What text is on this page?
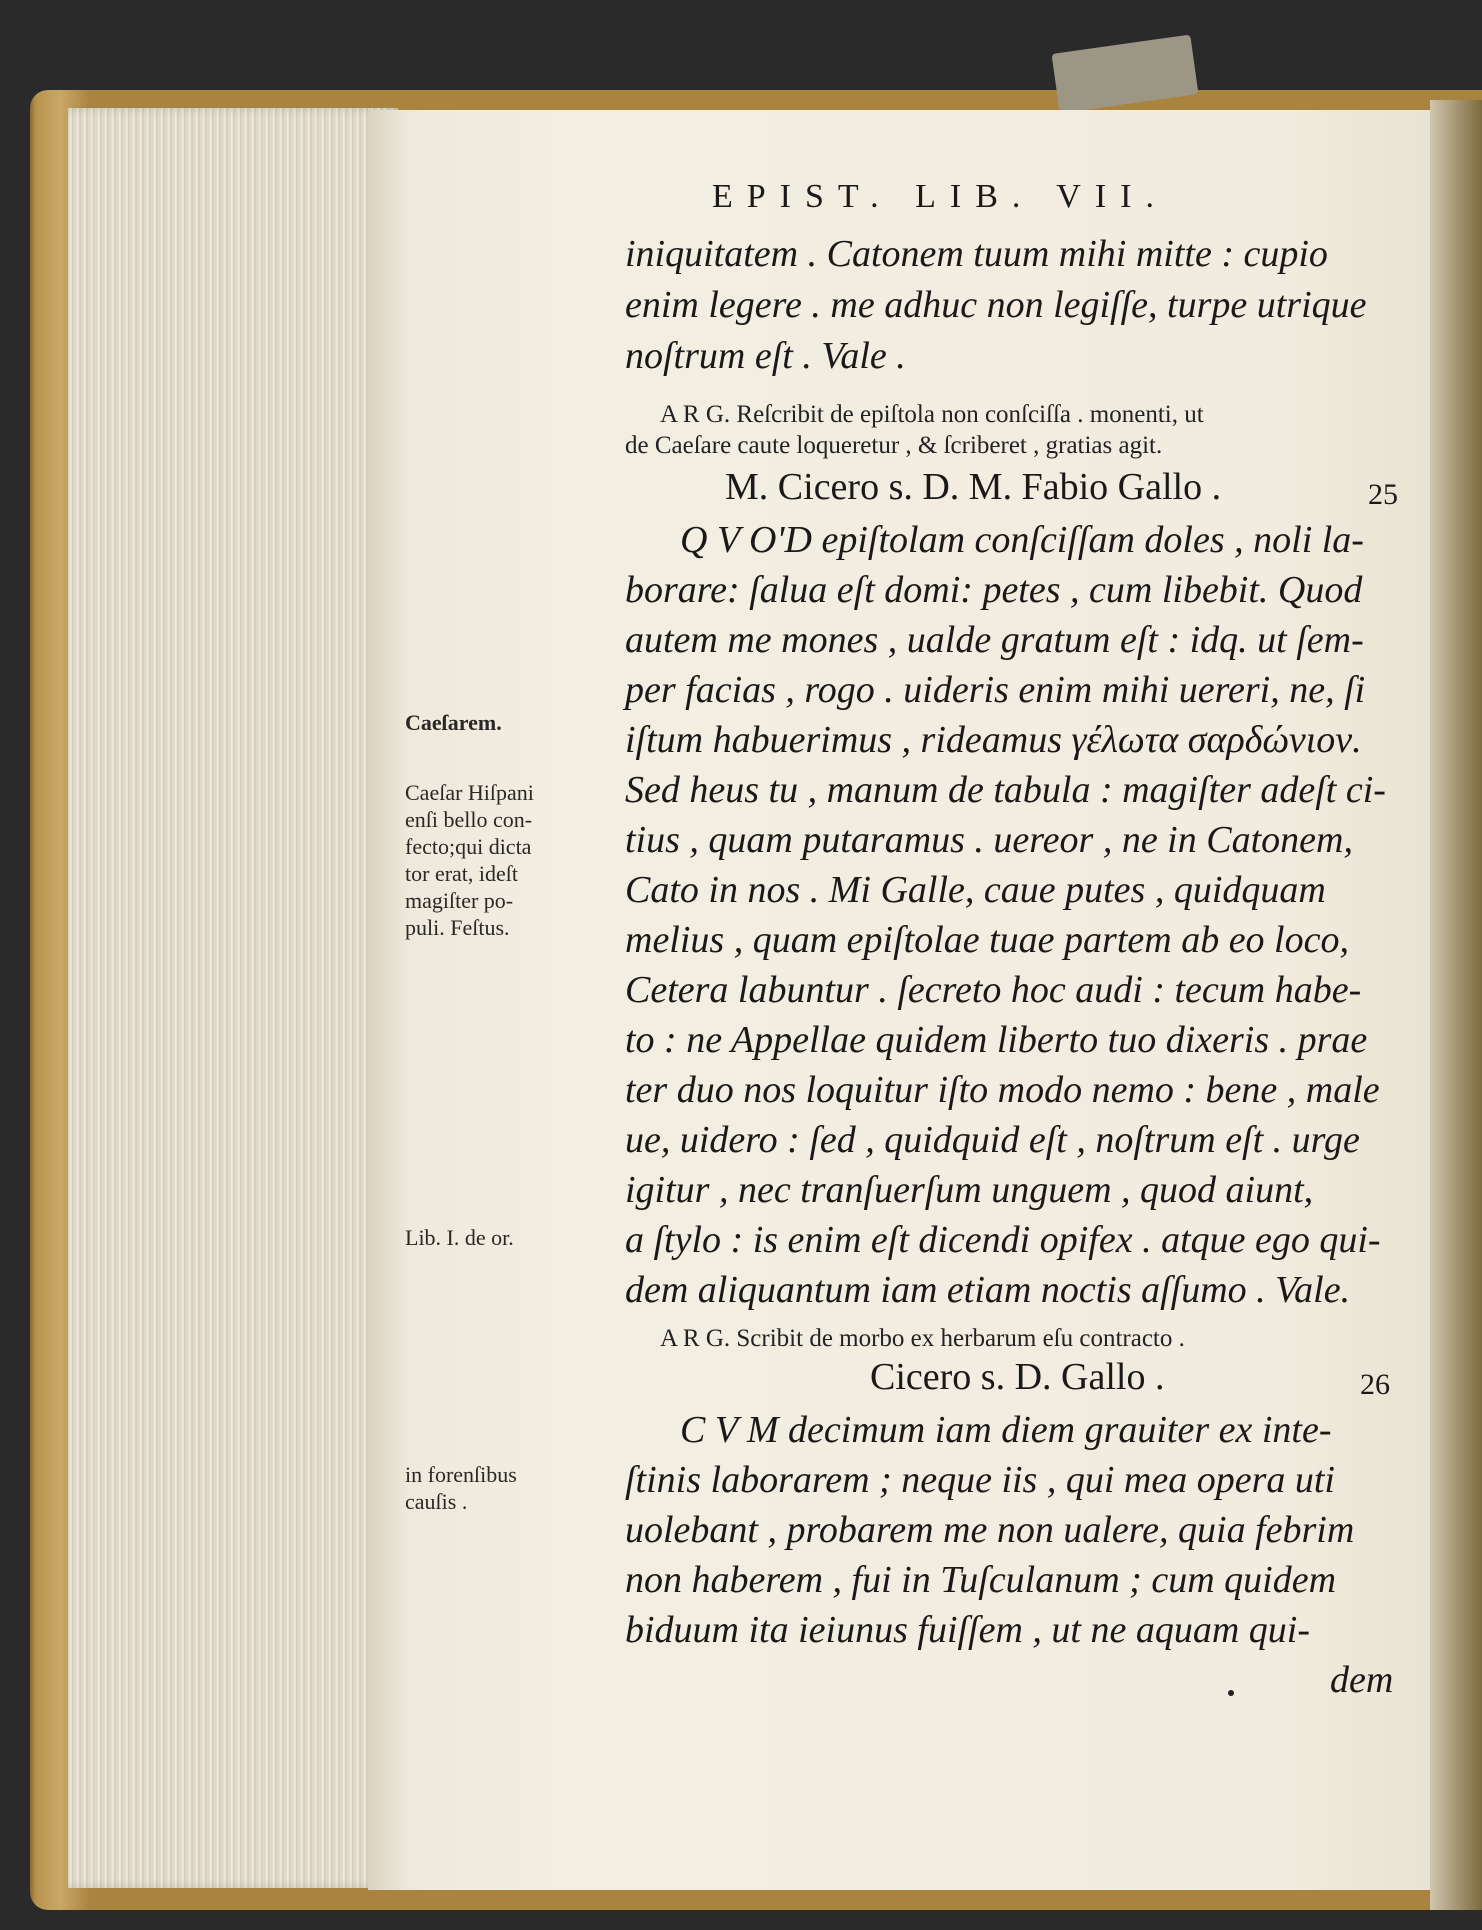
EPIST. LIB. VII.
iniquitatem . Catonem tuum mihi mitte : cupio
enim legere . me adhuc non legiſſe, turpe utrique
noſtrum eſt . Vale .
A R G. Reſcribit de epiſtola non conſciſſa . monenti, ut
de Caeſare caute loqueretur , & ſcriberet , gratias agit.
M. Cicero s. D. M. Fabio Gallo .	25
Q V O'D epiſtolam conſciſſam doles , noli la-
borare: ſalua eſt domi: petes , cum libebit. Quod
autem me mones , ualde gratum eſt : idq. ut ſem-
per facias , rogo . uideris enim mihi uereri, ne, ſi
iſtum habuerimus , rideamus γέλωτα σαρδώνιον.
Sed heus tu , manum de tabula : magiſter adeſt ci-
tius , quam putaramus . uereor , ne in Catonem,
Cato in nos . Mi Galle, caue putes , quidquam
melius , quam epiſtolae tuae partem ab eo loco,
Cetera labuntur . ſecreto hoc audi : tecum habe-
to : ne Appellae quidem liberto tuo dixeris . prae
ter duo nos loquitur iſto modo nemo : bene , male
ue, uidero : ſed , quidquid eſt , noſtrum eſt . urge
igitur , nec tranſuerſum unguem , quod aiunt,
a ſtylo : is enim eſt dicendi opifex . atque ego qui-
dem aliquantum iam etiam noctis aſſumo . Vale.
A R G. Scribit de morbo ex herbarum eſu contracto .
Cicero s. D. Gallo .	26
C V M decimum iam diem grauiter ex inte-
ſtinis laborarem ; neque iis , qui mea opera uti
uolebant , probarem me non ualere, quia febrim
non haberem , fui in Tuſculanum ; cum quidem
biduum ita ieiunus fuiſſem , ut ne aquam qui-
dem
Caeſarem.
Caeſar Hiſpani
enſi bello con-
fecto;qui dicta
tor erat, ideſt
magiſter po-
puli. Feſtus.
Lib. I. de or.
in forenſibus
cauſis .
